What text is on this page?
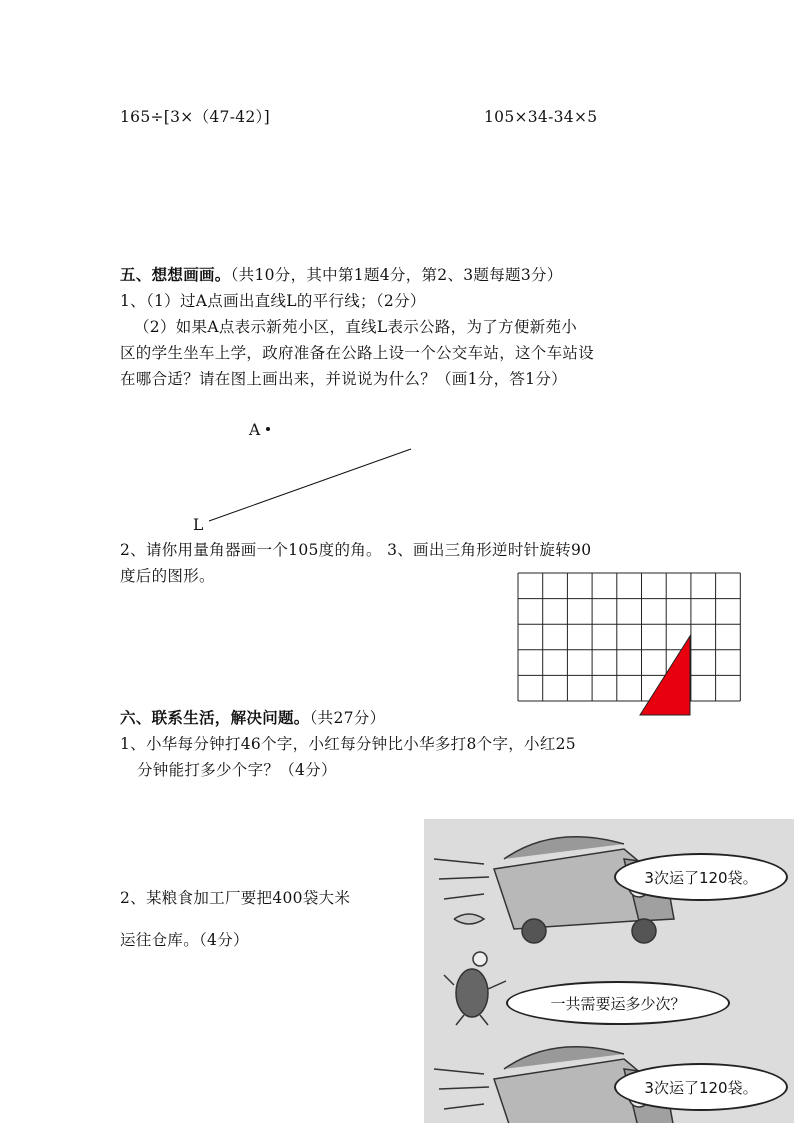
165÷[3×（47-42）]	105×34-34×5
五、想想画画。（共10分，其中第1题4分，第2、3题每题3分）
1、（1）过A点画出直线L的平行线；（2分）
（2）如果A点表示新苑小区，直线L表示公路，为了方便新苑小
区的学生坐车上学，政府准备在公路上设一个公交车站，这个车站设
在哪合适？请在图上画出来，并说说为什么？（画1分，答1分）
A
L
2、请你用量角器画一个105度的角。 3、画出三角形逆时针旋转90
度后的图形。
六、联系生活，解决问题。（共27分）
1、小华每分钟打46个字，小红每分钟比小华多打8个字，小红25
分钟能打多少个字？（4分）
2、某粮食加工厂要把400袋大米
运往仓库。（4分）
3次运了120袋。
一共需要运多少次？
3次运了120袋。
